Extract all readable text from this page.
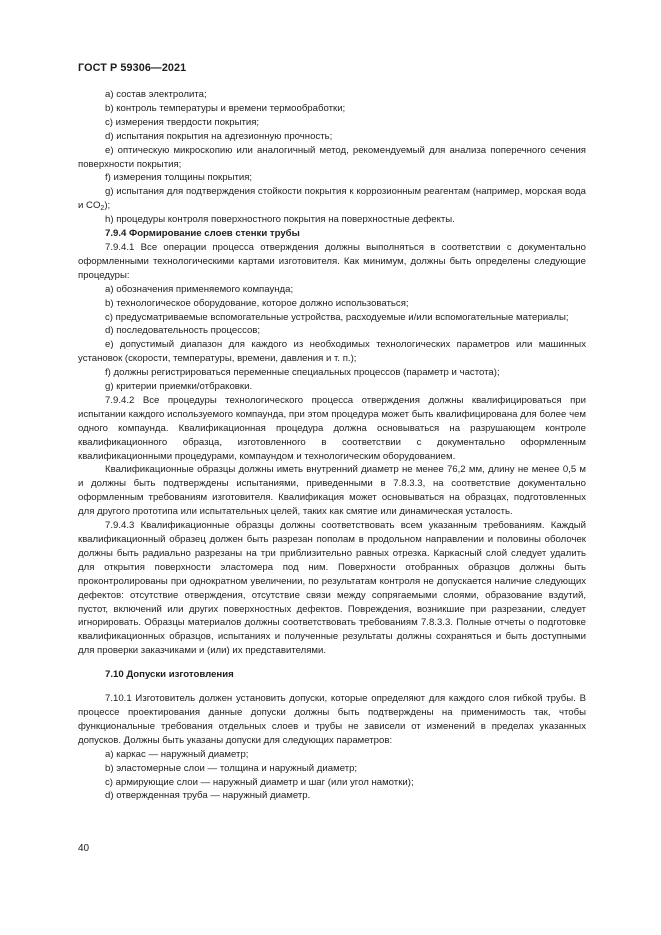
ГОСТ Р 59306—2021

a) состав электролита;

b) контроль температуры и времени термообработки;

c) измерения твердости покрытия;

d) испытания покрытия на адгезионную прочность;

e) оптическую микроскопию или аналогичный метод, рекомендуемый для анализа поперечного сечения поверхности покрытия;

f) измерения толщины покрытия;

g) испытания для подтверждения стойкости покрытия к коррозионным реагентам (например, морская вода и $CO_2$);

h) процедуры контроля поверхностного покрытия на поверхностные дефекты.

7.9.4 Формирование слоев стенки трубы

7.9.4.1 Все операции процесса отверждения должны выполняться в соответствии с документально оформленными технологическими картами изготовителя. Как минимум, должны быть определены следующие процедуры:

a) обозначения применяемого компаунда;

b) технологическое оборудование, которое должно использоваться;

c) предусматриваемые вспомогательные устройства, расходуемые и/или вспомогательные материалы;

d) последовательность процессов;

e) допустимый диапазон для каждого из необходимых технологических параметров или машинных установок (скорости, температуры, времени, давления и т. п.);

f) должны регистрироваться переменные специальных процессов (параметр и частота);

g) критерии приемки/отбраковки.

7.9.4.2 Все процедуры технологического процесса отверждения должны квалифицироваться при испытании каждого используемого компаунда, при этом процедура может быть квалифицирована для более чем одного компаунда. Квалификационная процедура должна основываться на разрушающем контроле квалификационного образца, изготовленного в соответствии с документально оформленным квалификационными процедурами, компаундом и технологическим оборудованием.

Квалификационные образцы должны иметь внутренний диаметр не менее 76,2 мм, длину не менее 0,5 м и должны быть подтверждены испытаниями, приведенными в 7.8.3.3, на соответствие документально оформленным требованиям изготовителя. Квалификация может основываться на образцах, подготовленных для другого прототипа или испытательных целей, таких как смятие или динамическая усталость.

7.9.4.3 Квалификационные образцы должны соответствовать всем указанным требованиям. Каждый квалификационный образец должен быть разрезан пополам в продольном направлении и половины оболочек должны быть радиально разрезаны на три приблизительно равных отрезка. Каркасный слой следует удалить для открытия поверхности эластомера под ним. Поверхности отобранных образцов должны быть проконтролированы при однократном увеличении, по результатам контроля не допускается наличие следующих дефектов: отсутствие отверждения, отсутствие связи между сопрягаемыми слоями, образование вздутий, пустот, включений или других поверхностных дефектов. Повреждения, возникшие при разрезании, следует игнорировать. Образцы материалов должны соответствовать требованиям 7.8.3.3. Полные отчеты о подготовке квалификационных образцов, испытаниях и полученные результаты должны сохраняться и быть доступными для проверки заказчиками и (или) их представителями.

7.10 Допуски изготовления

7.10.1 Изготовитель должен установить допуски, которые определяют для каждого слоя гибкой трубы. В процессе проектирования данные допуски должны быть подтверждены на применимость так, чтобы функциональные требования отдельных слоев и трубы не зависели от изменений в пределах указанных допусков. Должны быть указаны допуски для следующих параметров:

a) каркас — наружный диаметр;

b) эластомерные слои — толщина и наружный диаметр;

c) армирующие слои — наружный диаметр и шаг (или угол намотки);

d) отвержденная труба — наружный диаметр.

40
